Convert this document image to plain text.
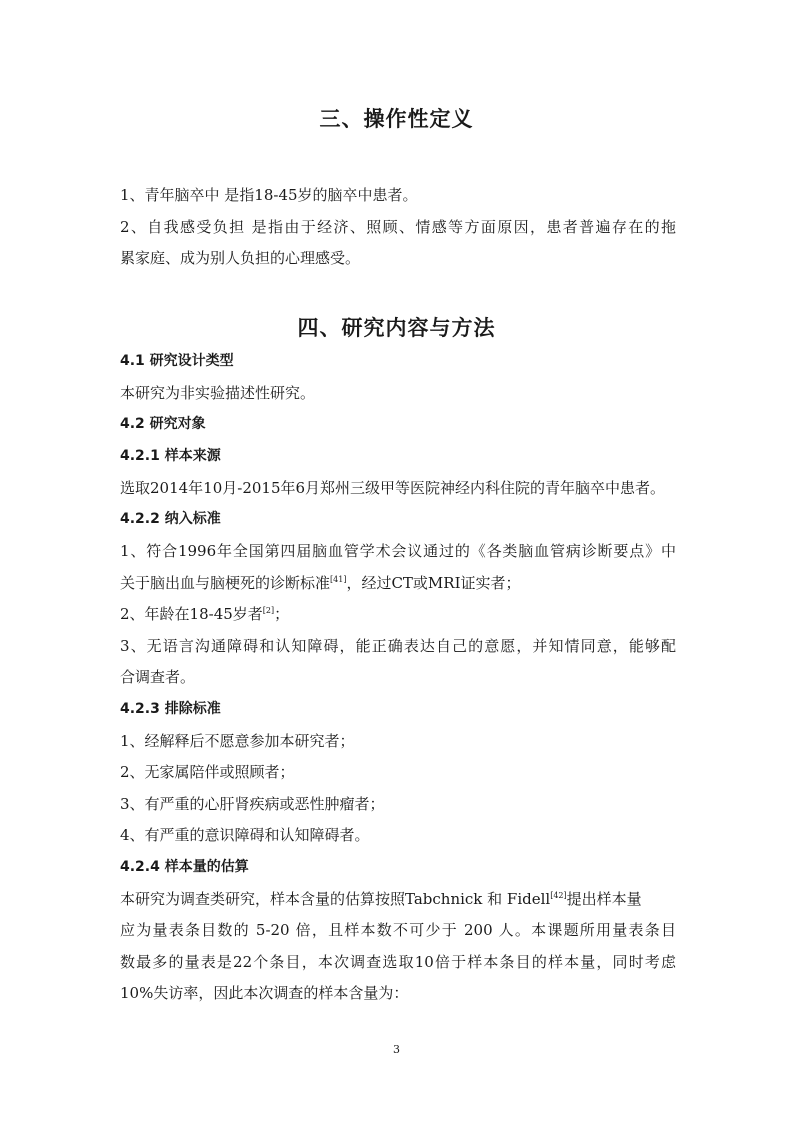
三、操作性定义
1、青年脑卒中 是指18-45岁的脑卒中患者。
2、自我感受负担 是指由于经济、照顾、情感等方面原因，患者普遍存在的拖
累家庭、成为别人负担的心理感受。
四、研究内容与方法
4.1 研究设计类型
本研究为非实验描述性研究。
4.2 研究对象
4.2.1 样本来源
选取2014年10月-2015年6月郑州三级甲等医院神经内科住院的青年脑卒中患者。
4.2.2 纳入标准
1、符合1996年全国第四届脑血管学术会议通过的《各类脑血管病诊断要点》中
关于脑出血与脑梗死的诊断标准[41]，经过CT或MRI证实者；
2、年龄在18-45岁者[2]；
3、无语言沟通障碍和认知障碍，能正确表达自己的意愿，并知情同意，能够配
合调查者。
4.2.3 排除标准
1、经解释后不愿意参加本研究者；
2、无家属陪伴或照顾者；
3、有严重的心肝肾疾病或恶性肿瘤者；
4、有严重的意识障碍和认知障碍者。
4.2.4 样本量的估算
本研究为调查类研究，样本含量的估算按照Tabchnick 和 Fidell[42]提出样本量
应为量表条目数的 5-20 倍，且样本数不可少于 200 人。本课题所用量表条目
数最多的量表是22个条目，本次调查选取10倍于样本条目的样本量，同时考虑
10%失访率，因此本次调查的样本含量为：
3
